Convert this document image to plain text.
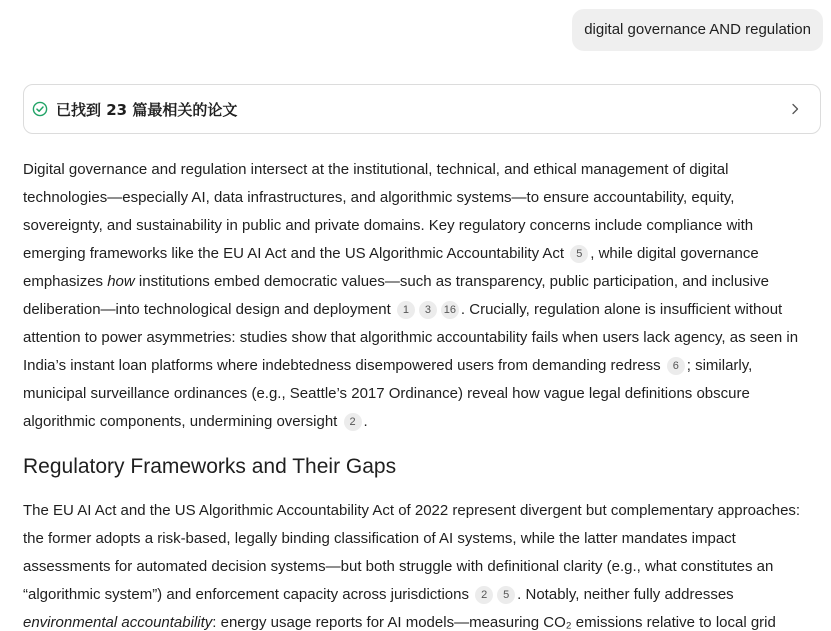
digital governance AND regulation
已找到 23 篇最相关的论文

Digital governance and regulation intersect at the institutional, technical, and ethical management of digital technologies—especially AI, data infrastructures, and algorithmic systems—to ensure accountability, equity, sovereignty, and sustainability in public and private domains. Key regulatory concerns include compliance with emerging frameworks like the EU AI Act and the US Algorithmic Accountability Act 5 , while digital governance emphasizes how institutions embed democratic values—such as transparency, public participation, and inclusive deliberation—into technological design and deployment 1 3 16 . Crucially, regulation alone is insufficient without attention to power asymmetries: studies show that algorithmic accountability fails when users lack agency, as seen in India’s instant loan platforms where indebtedness disempowered users from demanding redress 6 ; similarly, municipal surveillance ordinances (e.g., Seattle’s 2017 Ordinance) reveal how vague legal definitions obscure algorithmic components, undermining oversight 2 .

Regulatory Frameworks and Their Gaps

The EU AI Act and the US Algorithmic Accountability Act of 2022 represent divergent but complementary approaches: the former adopts a risk-based, legally binding classification of AI systems, while the latter mandates impact assessments for automated decision systems—but both struggle with definitional clarity (e.g., what constitutes an “algorithmic system”) and enforcement capacity across jurisdictions 2 5 . Notably, neither fully addresses environmental accountability: energy usage reports for AI models—measuring CO₂ emissions relative to local grid
